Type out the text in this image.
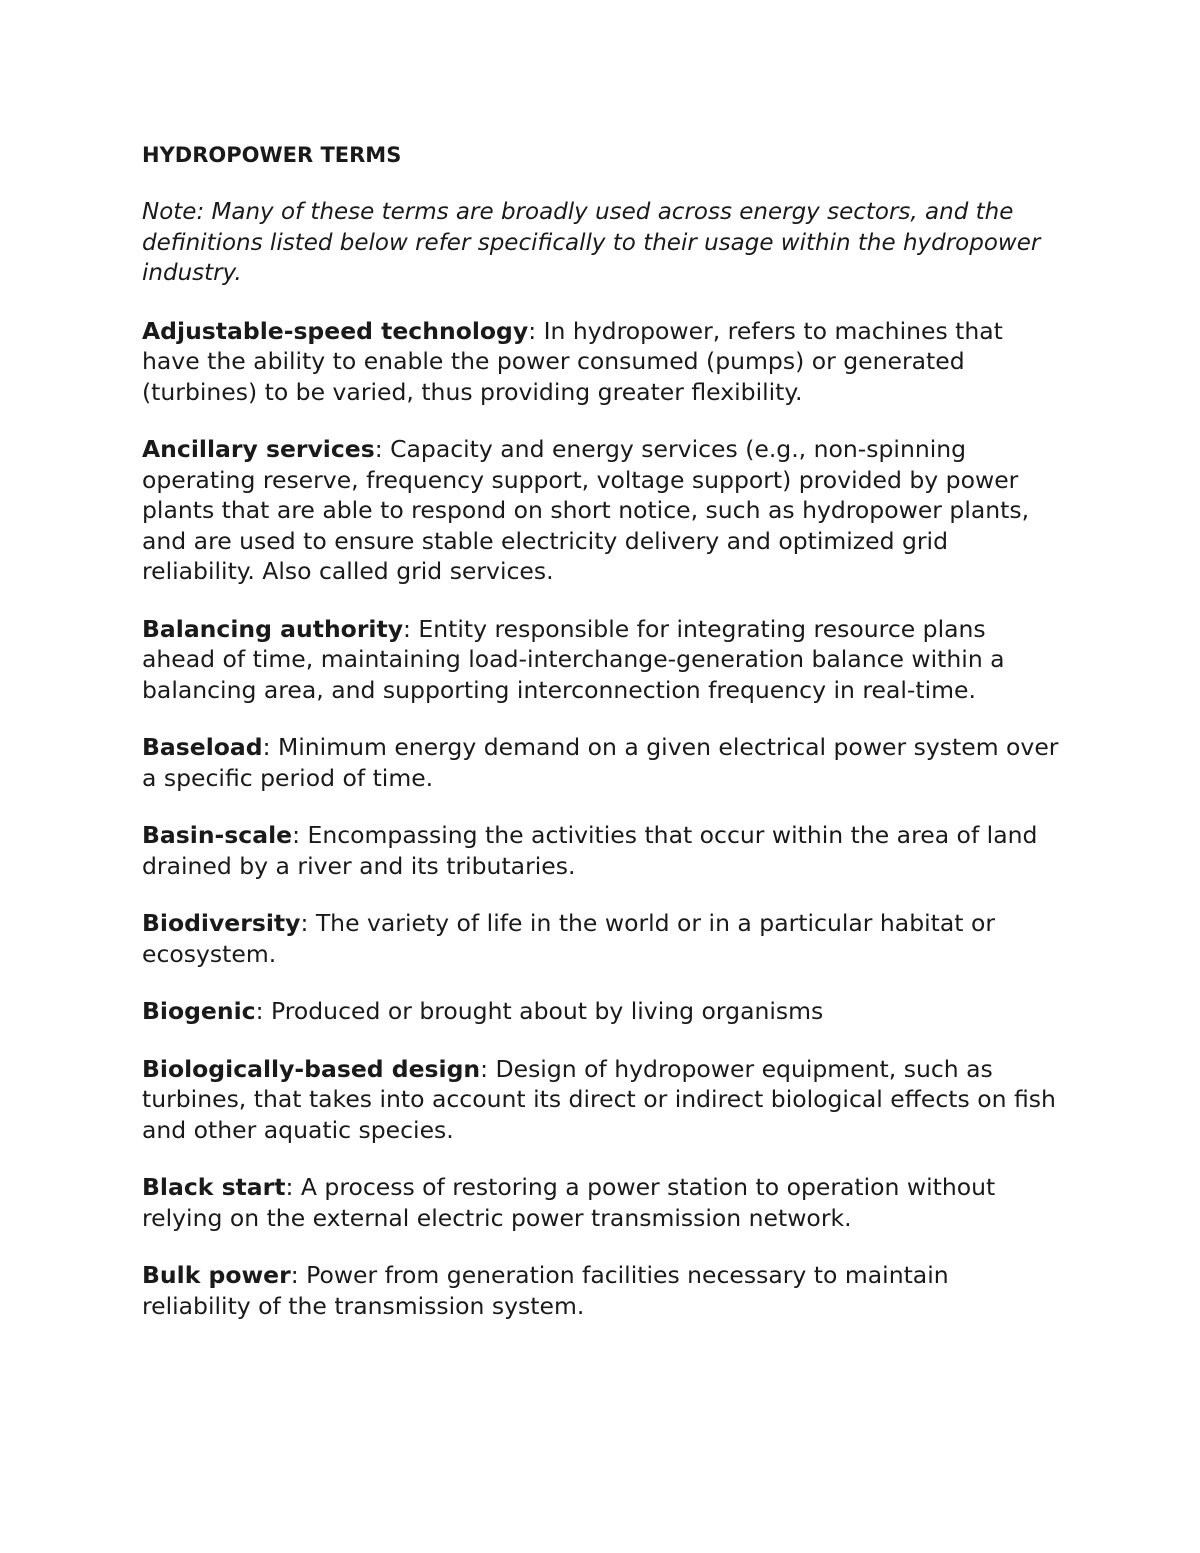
HYDROPOWER TERMS
Note: Many of these terms are broadly used across energy sectors, and the definitions listed below refer specifically to their usage within the hydropower industry.
Adjustable-speed technology: In hydropower, refers to machines that have the ability to enable the power consumed (pumps) or generated (turbines) to be varied, thus providing greater flexibility.
Ancillary services: Capacity and energy services (e.g., non-spinning operating reserve, frequency support, voltage support) provided by power plants that are able to respond on short notice, such as hydropower plants, and are used to ensure stable electricity delivery and optimized grid reliability. Also called grid services.
Balancing authority: Entity responsible for integrating resource plans ahead of time, maintaining load-interchange-generation balance within a balancing area, and supporting interconnection frequency in real-time.
Baseload: Minimum energy demand on a given electrical power system over a specific period of time.
Basin-scale: Encompassing the activities that occur within the area of land drained by a river and its tributaries.
Biodiversity: The variety of life in the world or in a particular habitat or ecosystem.
Biogenic: Produced or brought about by living organisms
Biologically-based design: Design of hydropower equipment, such as turbines, that takes into account its direct or indirect biological effects on fish and other aquatic species.
Black start: A process of restoring a power station to operation without relying on the external electric power transmission network.
Bulk power: Power from generation facilities necessary to maintain reliability of the transmission system.
